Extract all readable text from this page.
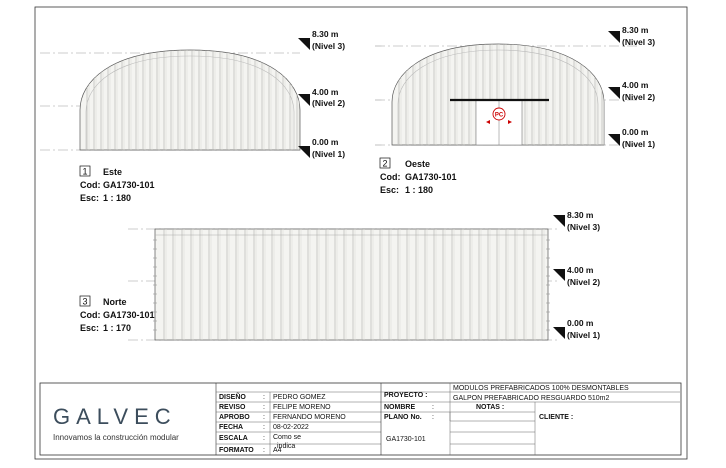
8.30 m
(Nivel 3)
4.00 m
(Nivel 2)
0.00 m
(Nivel 1)
1 Este
Cod: GA1730-101
Esc: 1 : 180
PC
8.30 m
(Nivel 3)
4.00 m
(Nivel 2)
0.00 m
(Nivel 1)
2 Oeste
Cod: GA1730-101
Esc: 1 : 180
8.30 m
(Nivel 3)
4.00 m
(Nivel 2)
0.00 m
(Nivel 1)
3 Norte
Cod: GA1730-101
Esc: 1 : 170
GALVEC
Innovamos la construcción modular
DISEÑO : PEDRO GOMEZ
REVISO	: FELIPE MORENO
APROBO : FERNANDO MORENO
FECHA	: 08-02-2022
ESCALA : Como se
indica
FORMATO : A4
PROYECTO :
MODULOS PREFABRICADOS 100% DESMONTABLES
NOMBRE :
GALPON PREFABRICADO RESGUARDO 510m2
PLANO No. :
GA1730-101
NOTAS :
CLIENTE :
